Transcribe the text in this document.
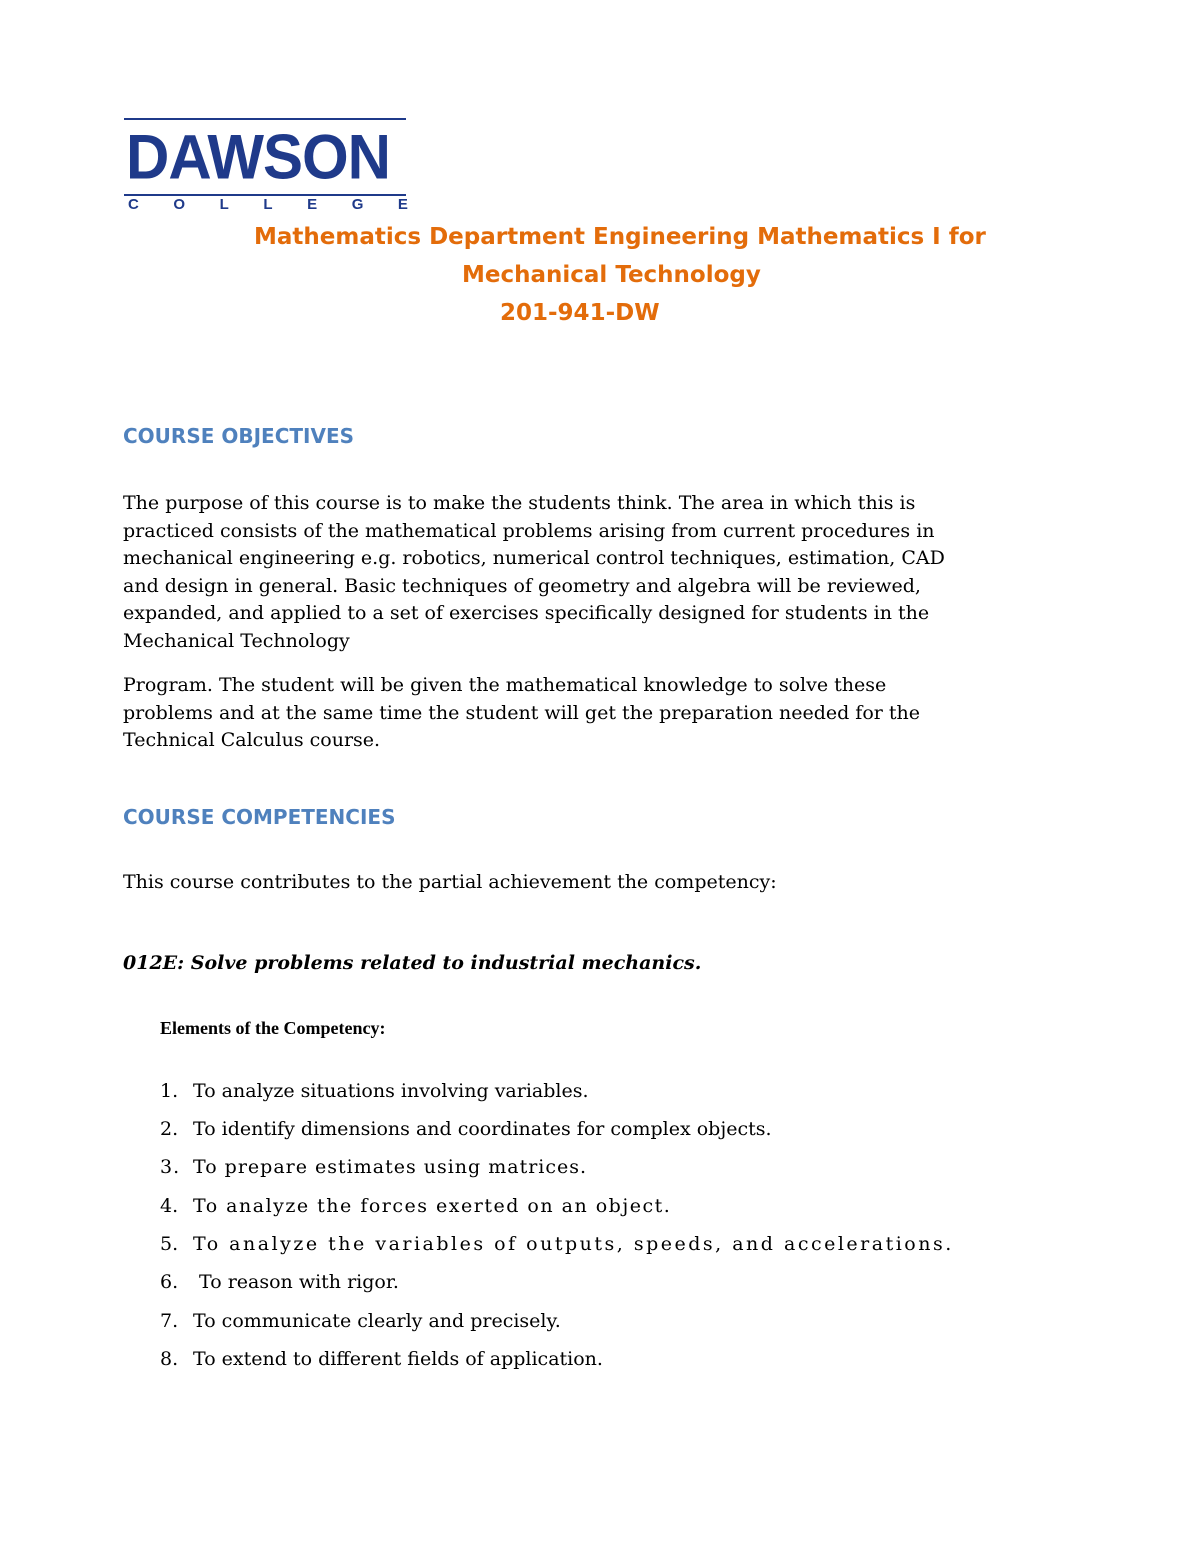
DAWSON
C O L L E G E
Mathematics Department Engineering Mathematics I for
Mechanical Technology
201-941-DW
COURSE OBJECTIVES
The purpose of this course is to make the students think. The area in which this is
practiced consists of the mathematical problems arising from current procedures in
mechanical engineering e.g. robotics, numerical control techniques, estimation, CAD
and design in general. Basic techniques of geometry and algebra will be reviewed,
expanded, and applied to a set of exercises specifically designed for students in the
Mechanical Technology
Program. The student will be given the mathematical knowledge to solve these
problems and at the same time the student will get the preparation needed for the
Technical Calculus course.
COURSE COMPETENCIES
This course contributes to the partial achievement the competency:
012E: Solve problems related to industrial mechanics.
Elements of the Competency:
1. To analyze situations involving variables.
2. To identify dimensions and coordinates for complex objects.
3. To prepare estimates using matrices.
4. To analyze the forces exerted on an object.
5. To analyze the variables of outputs, speeds, and accelerations.
6. To reason with rigor.
7. To communicate clearly and precisely.
8. To extend to different fields of application.
